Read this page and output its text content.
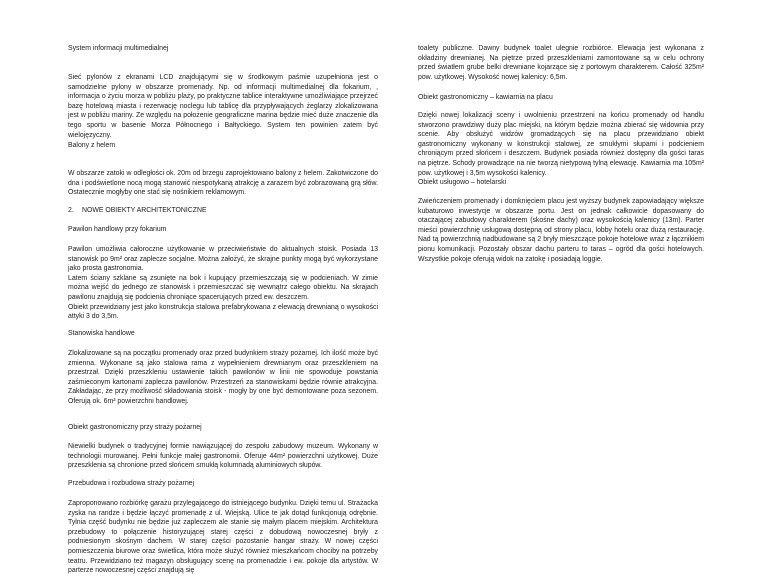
System informacji multimedialnej

Sieć pylonów z ekranami LCD znajdującymi się w środkowym paśmie uzupełniona jest o samodzielne pylony w obszarze promenady. Np. od informacji multimedialnej dla fokarium, , informacja o życiu morza w pobliżu plaży, po praktyczne tablice interaktywne umożliwiające przejrzeć bazę hotelową miasta i rezerwację noclegu lub tablicę dla przypływających żeglarzy zlokalizowana jest w pobliżu mariny. Ze względu na położenie geograficzne marina będzie mieć duże znaczenie dla tego sportu w basenie Morza Północnego i Bałtyckiego. System ten powinien zatem być wielojęzyczny.

Balony z helem

W obszarze zatoki w odległości ok. 20m od brzegu zaprojektowano balony z helem. Zakotwiczone do dna i podświetlone nocą mogą stanowić niespotykaną atrakcję a zarazem być zobrazowaną grą słów. Ostatecznie mogłyby one stać się nośnikiem reklamowym.

2.	NOWE OBIEKTY ARCHITEKTONICZNE

Pawilon handlowy przy fokarium

Pawilon umożliwia całoroczne użytkowanie w przeciwieństwie do aktualnych stoisk. Posiada 13 stanowisk po 9m² oraz zaplecze socjalne. Można założyć, że skrajne punkty mogą być wykorzystane jako prosta gastronomia.

Latem ściany szklane są zsunięte na bok i kupujący przemieszczają się w podcieniach. W zimie można wejść do jednego ze stanowisk i przemieszczać się wewnątrz całego obiektu. Na skrajach pawilonu znajdują się podcienia chroniące spacerujących przed ew. deszczem.

Obiekt przewidziany jest jako konstrukcja stalowa prefabrykowana z elewacją drewnianą o wysokości attyki 3 do 3,5m.

Stanowiska handlowe

Zlokalizowane są na początku promenady oraz przed budynkiem straży pożarnej. Ich ilość może być zmienna. Wykonane są jako stalowa rama z wypełnieniem drewnianym oraz przeszkleniem na przestrzał. Dzięki przeszkleniu ustawienie takich pawilonów w linii nie spowoduje powstania zaśmieconym kartonami zaplecza pawilonów. Przestrzeń za stanowiskami będzie równie atrakcyjna. Zakładając, że przy możliwość składowania stoisk - mogły by one być demontowane poza sezonem. Oferują ok. 6m² powierzchni handlowej.

Obiekt gastronomiczny przy straży pożarnej

Niewielki budynek o tradycyjnej formie nawiązującej do zespołu zabudowy muzeum. Wykonany w technologii murowanej. Pełni funkcje małej gastronomii. Oferuje 44m² powierzchni użytkowej. Duże przeszklenia są chronione przed słońcem smukłą kolumnadą aluminiowych słupów.

Przebudowa i rozbudowa straży pożarnej

Zaproponowano rozbiórkę garażu przylegającego do istniejącego budynku. Dzięki temu ul. Strażacka zyska na randze i będzie łączyć promenadę z ul. Wiejską. Ulice te jak dotąd funkcjonują odrębnie. Tylnia część budynku nie będzie już zapleczem ale stanie się małym placem miejskim. Architektura przebudowy to połączenie historyzującej starej części z dobudową nowoczesnej bryły z podniesionym skośnym dachem. W starej części pozostanie hangar straży. W nowej części pomieszczenia biurowe oraz świetlica, która może służyć również mieszkańcom chociby na potrzeby teatru. Przewidziano też magazyn obsługujący scenę na promenadzie i ew. pokoje dla artystów. W parterze nowoczesnej części znajdują się

toalety publiczne. Dawny budynek toalet ulegnie rozbiórce. Elewacja jest wykonana z okładziny drewnianej. Na piętrze przed przeszkleniami zamontowane są w celu ochrony przed światłem grube belki drewniane kojarzące się z portowym charakterem. Całość 325m² pow. użytkowej. Wysokość nowej kalenicy: 6,5m.

Obiekt gastronomiczny – kawiarnia na placu

Dzięki nowej lokalizacji sceny i uwolnieniu przestrzeni na końcu promenady od handlu stworzono prawdziwy duży plac miejski, na którym będzie można zbierać się widownia przy scenie. Aby obsłużyć widzów gromadzących się na placu przewidziano obiekt gastronomiczny wykonany w konstrukcji stalowej, ze smukłymi słupami i podcieniem chroniącym przed słońcem i deszczem. Budynek posiada również dostępny dla gości taras na piętrze. Schody prowadzące na nie tworzą nietypową tylną elewację. Kawiarnia ma 105m² pow. użytkowej i 3,5m wysokości kalenicy.

Obiekt usługowo – hotelarski

Zwieńczeniem promenady i domknięciem placu jest wyższy budynek zapowiadający większe kubaturowo inwestycje w obszarze portu. Jest on jednak całkowicie dopasowany do otaczającej zabudowy charakterem (skośne dachy) oraz wysokością kalenicy (13m). Parter mieści powierzchnię usługową dostępną od strony placu, lobby hotelu oraz dużą restaurację. Nad tą powierzchnią nadbudowane są 2 bryły mieszczące pokoje hotelowe wraz z łącznikiem pionu komunikacji. Pozostały obszar dachu parteru to taras – ogród dla gości hotelowych. Wszystkie pokoje oferują widok na zatokę i posiadają loggie.
